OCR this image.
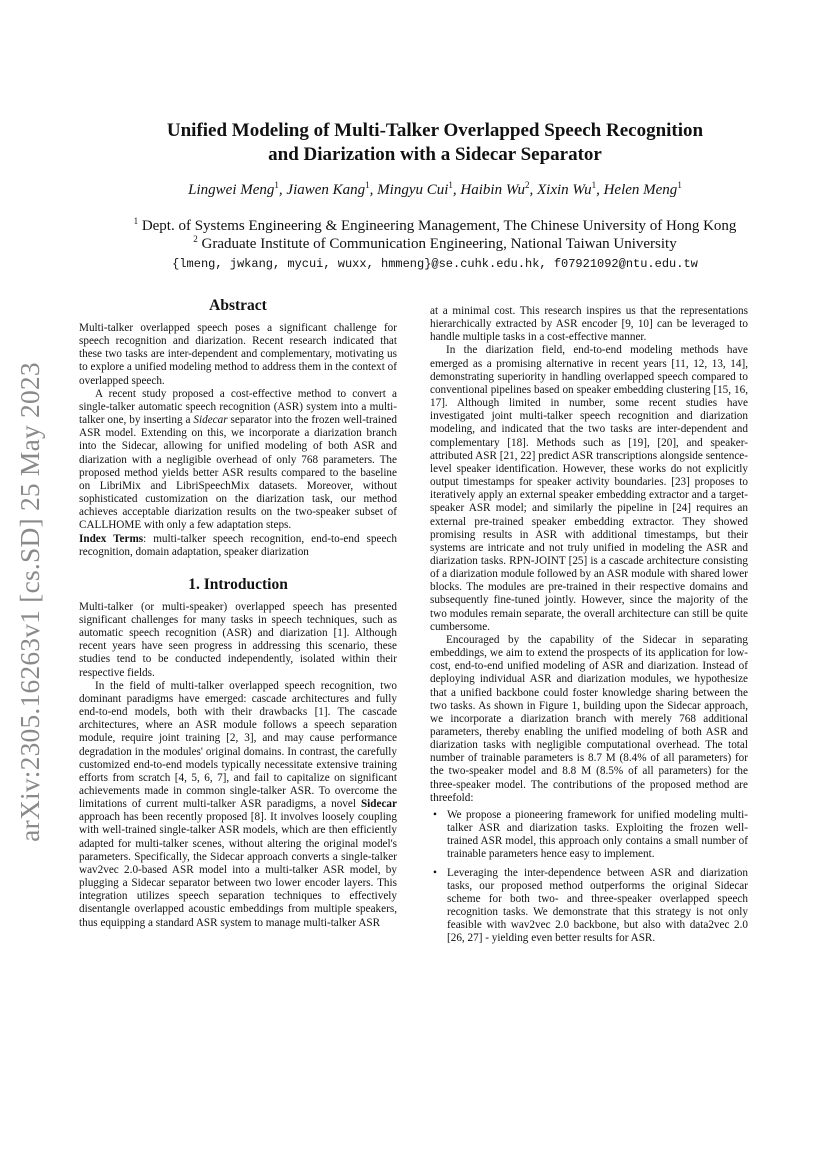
arXiv:2305.16263v1 [cs.SD] 25 May 2023
Unified Modeling of Multi-Talker Overlapped Speech Recognition
and Diarization with a Sidecar Separator
Lingwei Meng$^1$, Jiawen Kang$^1$, Mingyu Cui$^1$, Haibin Wu$^2$, Xixin Wu$^1$, Helen Meng$^1$
$^1$ Dept. of Systems Engineering & Engineering Management, The Chinese University of Hong Kong
$^2$ Graduate Institute of Communication Engineering, National Taiwan University
{lmeng, jwkang, mycui, wuxx, hmmeng}@se.cuhk.edu.hk, f07921092@ntu.edu.tw
Abstract

Multi-talker overlapped speech poses a significant challenge for speech recognition and diarization. Recent research indicated that these two tasks are inter-dependent and complementary, motivating us to explore a unified modeling method to address them in the context of overlapped speech.

A recent study proposed a cost-effective method to convert a single-talker automatic speech recognition (ASR) system into a multi-talker one, by inserting a Sidecar separator into the frozen well-trained ASR model. Extending on this, we incorporate a diarization branch into the Sidecar, allowing for unified modeling of both ASR and diarization with a negligible overhead of only 768 parameters. The proposed method yields better ASR results compared to the baseline on LibriMix and LibriSpeechMix datasets. Moreover, without sophisticated customization on the diarization task, our method achieves acceptable diarization results on the two-speaker subset of CALLHOME with only a few adaptation steps.

Index Terms: multi-talker speech recognition, end-to-end speech recognition, domain adaptation, speaker diarization

1. Introduction

Multi-talker (or multi-speaker) overlapped speech has presented significant challenges for many tasks in speech techniques, such as automatic speech recognition (ASR) and diarization [1]. Although recent years have seen progress in addressing this scenario, these studies tend to be conducted independently, isolated within their respective fields.

In the field of multi-talker overlapped speech recognition, two dominant paradigms have emerged: cascade architectures and fully end-to-end models, both with their drawbacks [1]. The cascade architectures, where an ASR module follows a speech separation module, require joint training [2, 3], and may cause performance degradation in the modules' original domains. In contrast, the carefully customized end-to-end models typically necessitate extensive training efforts from scratch [4, 5, 6, 7], and fail to capitalize on significant achievements made in common single-talker ASR. To overcome the limitations of current multi-talker ASR paradigms, a novel Sidecar approach has been recently proposed [8]. It involves loosely coupling with well-trained single-talker ASR models, which are then efficiently adapted for multi-talker scenes, without altering the original model's parameters. Specifically, the Sidecar approach converts a single-talker wav2vec 2.0-based ASR model into a multi-talker ASR model, by plugging a Sidecar separator between two lower encoder layers. This integration utilizes speech separation techniques to effectively disentangle overlapped acoustic embeddings from multiple speakers, thus equipping a standard ASR system to manage multi-talker ASR

at a minimal cost. This research inspires us that the representations hierarchically extracted by ASR encoder [9, 10] can be leveraged to handle multiple tasks in a cost-effective manner.

In the diarization field, end-to-end modeling methods have emerged as a promising alternative in recent years [11, 12, 13, 14], demonstrating superiority in handling overlapped speech compared to conventional pipelines based on speaker embedding clustering [15, 16, 17]. Although limited in number, some recent studies have investigated joint multi-talker speech recognition and diarization modeling, and indicated that the two tasks are inter-dependent and complementary [18]. Methods such as [19], [20], and speaker-attributed ASR [21, 22] predict ASR transcriptions alongside sentence-level speaker identification. However, these works do not explicitly output timestamps for speaker activity boundaries. [23] proposes to iteratively apply an external speaker embedding extractor and a target-speaker ASR model; and similarly the pipeline in [24] requires an external pre-trained speaker embedding extractor. They showed promising results in ASR with additional timestamps, but their systems are intricate and not truly unified in modeling the ASR and diarization tasks. RPN-JOINT [25] is a cascade architecture consisting of a diarization module followed by an ASR module with shared lower blocks. The modules are pre-trained in their respective domains and subsequently fine-tuned jointly. However, since the majority of the two modules remain separate, the overall architecture can still be quite cumbersome.

Encouraged by the capability of the Sidecar in separating embeddings, we aim to extend the prospects of its application for low-cost, end-to-end unified modeling of ASR and diarization. Instead of deploying individual ASR and diarization modules, we hypothesize that a unified backbone could foster knowledge sharing between the two tasks. As shown in Figure 1, building upon the Sidecar approach, we incorporate a diarization branch with merely 768 additional parameters, thereby enabling the unified modeling of both ASR and diarization tasks with negligible computational overhead. The total number of trainable parameters is 8.7 M (8.4% of all parameters) for the two-speaker model and 8.8 M (8.5% of all parameters) for the three-speaker model. The contributions of the proposed method are threefold:

• We propose a pioneering framework for unified modeling multi-talker ASR and diarization tasks. Exploiting the frozen well-trained ASR model, this approach only contains a small number of trainable parameters hence easy to implement.
• Leveraging the inter-dependence between ASR and diarization tasks, our proposed method outperforms the original Sidecar scheme for both two- and three-speaker overlapped speech recognition tasks. We demonstrate that this strategy is not only feasible with wav2vec 2.0 backbone, but also with data2vec 2.0 [26, 27] - yielding even better results for ASR.
